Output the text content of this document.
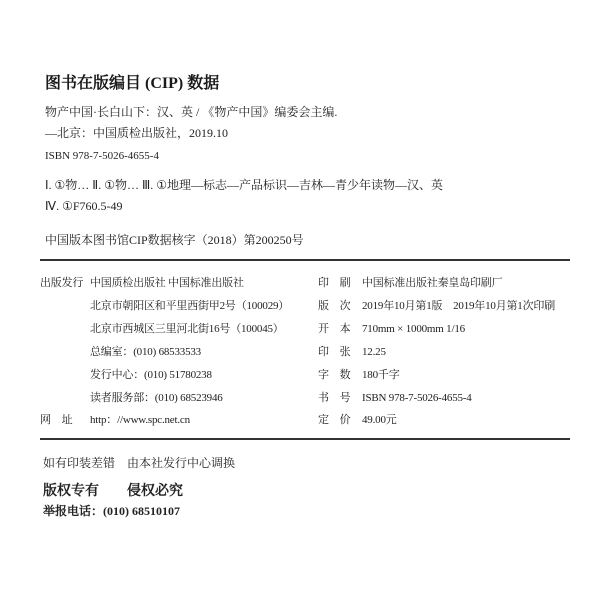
图书在版编目 (CIP) 数据
物产中国·长白山下：汉、英 / 《物产中国》编委会主编.
—北京：中国质检出版社，2019.10
ISBN 978-7-5026-4655-4
Ⅰ. ①物… Ⅱ. ①物… Ⅲ. ①地理—标志—产品标识—吉林—青少年读物—汉、英
Ⅳ. ①F760.5-49
中国版本图书馆CIP数据核字（2018）第200250号
出版发行 中国质检出版社 中国标准出版社
北京市朝阳区和平里西街甲2号（100029）
北京市西城区三里河北街16号（100045）
总编室：(010) 68533533
发行中心：(010) 51780238
读者服务部：(010) 68523946
网　址 http：//www.spc.net.cn
印　刷 中国标准出版社秦皇岛印刷厂
版　次 2019年10月第1版　2019年10月第1次印刷
开　本 710mm × 1000mm 1/16
印　张 12.25
字　数 180千字
书　号 ISBN 978-7-5026-4655-4
定　价 49.00元
如有印装差错　由本社发行中心调换
版权专有　　侵权必究
举报电话：(010) 68510107
